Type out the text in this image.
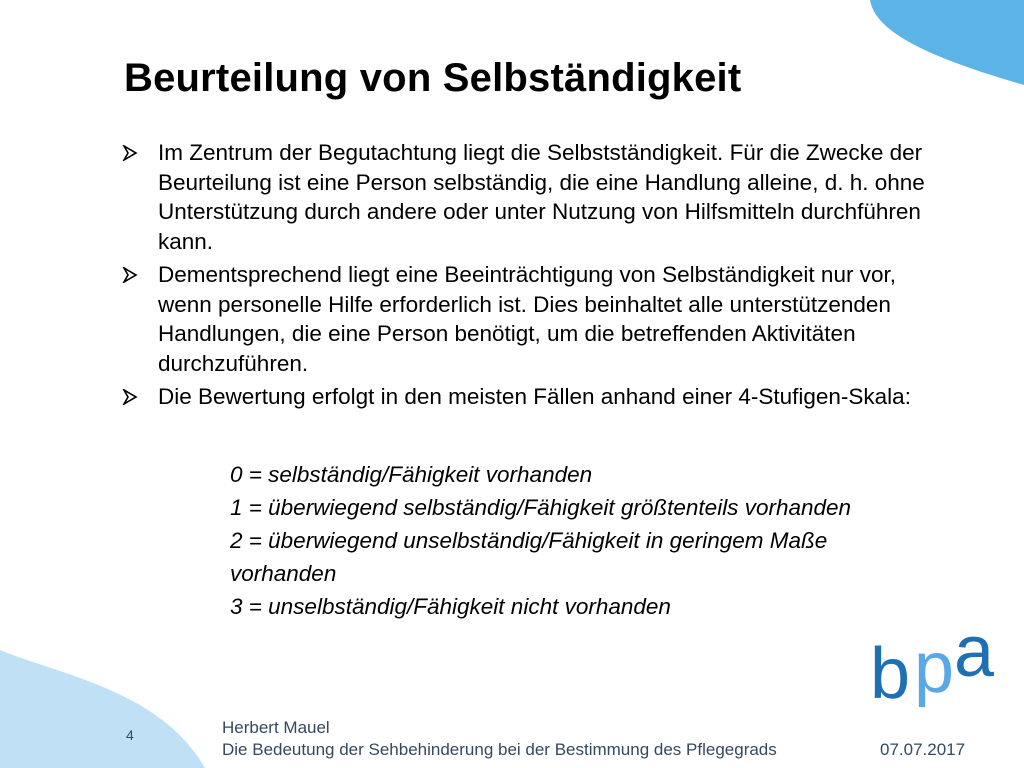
Beurteilung von Selbständigkeit
Im Zentrum der Begutachtung liegt die Selbstständigkeit. Für die Zwecke der Beurteilung ist eine Person selbständig, die eine Handlung alleine, d. h. ohne Unterstützung durch andere oder unter Nutzung von Hilfsmitteln durchführen kann.
Dementsprechend liegt eine Beeinträchtigung von Selbständigkeit nur vor, wenn personelle Hilfe erforderlich ist. Dies beinhaltet alle unterstützenden Handlungen, die eine Person benötigt, um die betreffenden Aktivitäten durchzuführen.
Die Bewertung erfolgt in den meisten Fällen anhand einer 4-Stufigen-Skala:
0 = selbständig/Fähigkeit vorhanden
1 = überwiegend selbständig/Fähigkeit größtenteils vorhanden
2 = überwiegend unselbständig/Fähigkeit in geringem Maße vorhanden
3 = unselbständig/Fähigkeit nicht vorhanden
b p a
4	Herbert Mauel
Die Bedeutung der Sehbehinderung bei der Bestimmung des Pflegegrads	07.07.2017
